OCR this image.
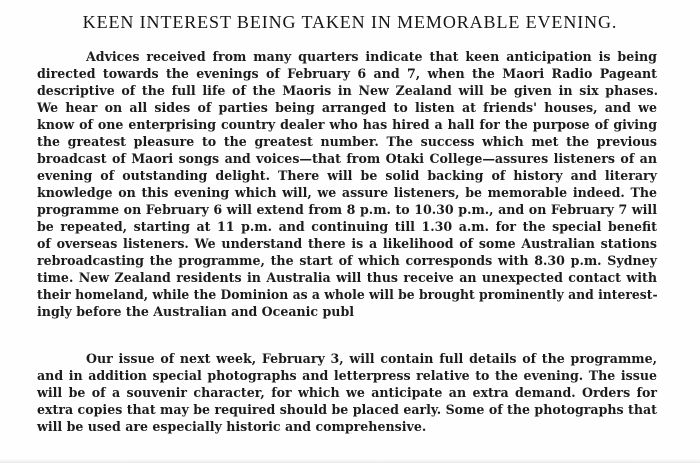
KEEN INTEREST BEING TAKEN IN MEMORABLE EVENING.
Advices received from many quarters indicate that keen anticipation is being
directed towards the evenings of February 6 and 7, when the Maori Radio Pageant
descriptive of the full life of the Maoris in New Zealand will be given in six phases.
We hear on all sides of parties being arranged to listen at friends' houses, and we
know of one enterprising country dealer who has hired a hall for the purpose of giving
the greatest pleasure to the greatest number. The success which met the previous
broadcast of Maori songs and voices—that from Otaki College—assures listeners of an
evening of outstanding delight. There will be solid backing of history and literary
knowledge on this evening which will, we assure listeners, be memorable indeed. The
programme on February 6 will extend from 8 p.m. to 10.30 p.m., and on February 7 will
be repeated, starting at 11 p.m. and continuing till 1.30 a.m. for the special benefit
of overseas listeners. We understand there is a likelihood of some Australian stations
rebroadcasting the programme, the start of which corresponds with 8.30 p.m. Sydney
time. New Zealand residents in Australia will thus receive an unexpected contact with
their homeland, while the Dominion as a whole will be brought prominently and interest-
ingly before the Australian and Oceanic publ
Our issue of next week, February 3, will contain full details of the programme,
and in addition special photographs and letterpress relative to the evening. The issue
will be of a souvenir character, for which we anticipate an extra demand. Orders for
extra copies that may be required should be placed early. Some of the photographs that
will be used are especially historic and comprehensive.
